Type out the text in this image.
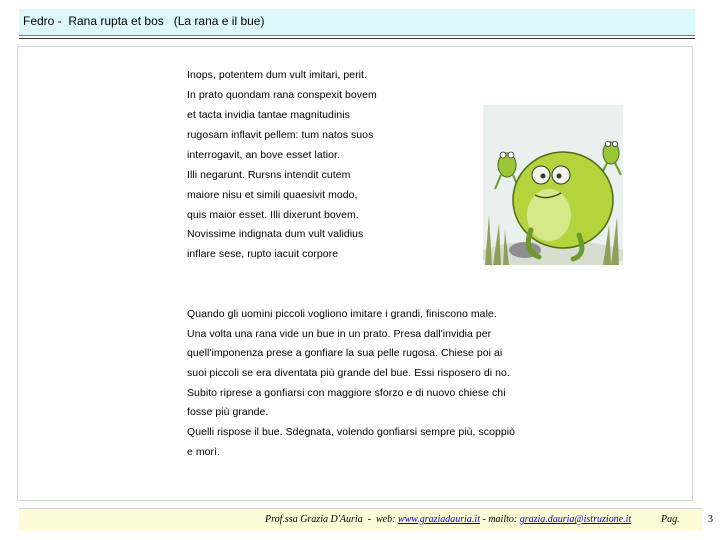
Fedro -  Rana rupta et bos   (La rana e il bue)
Inops, potentem dum vult imitari, perit.
In prato quondam rana conspexit bovem
et tacta invidia tantae magnitudinis
rugosam inflavit pellem: tum natos suos
interrogavit, an bove esset latior.
Illi negarunt. Rursns intendit cutem
maiore nisu et simili quaesivit modo,
quis maior esset. Illi dixerunt bovem.
Novissime indignata dum vult validius
inflare sese, rupto iacuit corpore
Quando gli uomini piccoli vogliono imitare i grandi, finiscono male.
Una volta una rana vide un bue in un prato. Presa dall'invidia per
quell'imponenza prese a gonfiare la sua pelle rugosa. Chiese poi ai
suoi piccoli se era diventata più grande del bue. Essi risposero di no.
Subito riprese a gonfiarsi con maggiore sforzo e di nuovo chiese chi
fosse più grande.
Quelli rispose il bue. Sdegnata, volendo gonfiarsi sempre più, scoppiò
e morì.
Prof.ssa Grazia D'Auria  -  web: www.graziadauria.it - mailto: grazia.dauria@istruzione.it	Pag.	3
